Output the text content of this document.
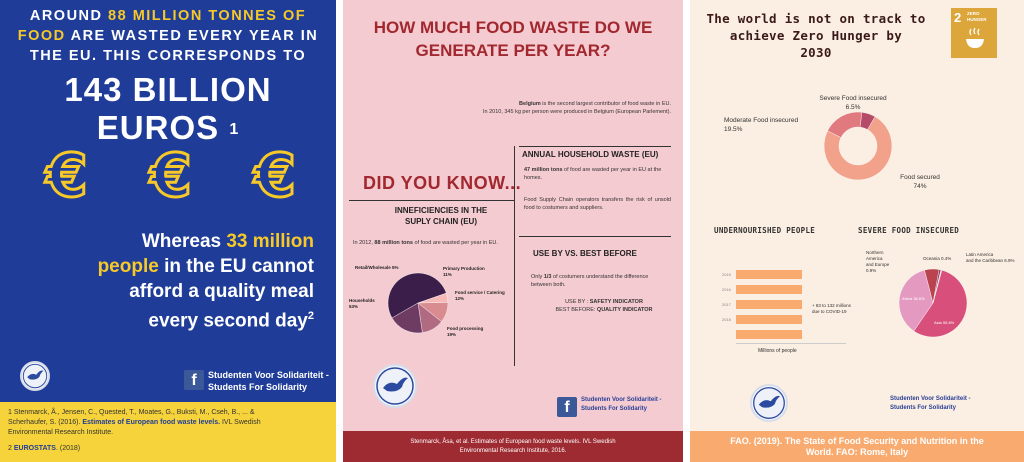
AROUND 88 MILLION TONNES OF
FOOD ARE WASTED EVERY YEAR IN
THE EU. THIS CORRESPONDS TO
143 BILLION
EUROS $^1$
€ € €
Whereas 33 million
people in the EU cannot
afford a quality meal
every second day$^2$
f	Studenten Voor Solidariteit -
Students For Solidarity
1 Stenmarck, Å., Jensen, C., Quested, T., Moates, G., Buksti, M., Cseh, B., ... &
Scherhaufer, S. (2016). Estimates of European food waste levels. IVL Swedish
Environmental Research Institute.
2 EUROSTATS. (2018)
HOW MUCH FOOD WASTE DO WE
GENERATE PER YEAR?
Belgium is the second largest contributor of food waste in EU.
In 2010, 345 kg per person were produced in Belgium (European Parlement).
ANNUAL HOUSEHOLD WASTE (EU)
47 million tons of food are wasted per year in EU at the homes.
Food Supply Chain operators transfers the risk of unsold food to costumers and suppliers.
DID YOU KNOW...
INNEFICIENCIES IN THE
SUPLY CHAIN (EU)
In 2012, 88 million tons of food are wasted per year in EU.
Retail/Wholesale 5%	Primary Production
11%
Food service / Catering
12%
Households
53%
Food processing
19%
USE BY VS. BEST BEFORE
Only 1/3 of costumers understand the difference between both.
USE BY : SAFETY INDICATOR
BEST BEFORE: QUALITY INDICATOR
f	Studenten Voor Solidariteit -
Students For Solidarity
Stenmarck, Åsa, et al. Estimates of European food waste levels. IVL Swedish
Environmental Research Institute, 2016.
The world is not on track to
achieve Zero Hunger by
2030
2 ZERO
HUNGER
Severe Food insecured
6.5%
Moderate Food insecured
19.5%
Food secured
74%
UNDERNOURISHED PEOPLE	SEVERE FOOD INSECURED
2015
2016
2017
2018
+ 83 to 132 millions
due to COVID-19
Millions of people
Northern
America
and Europe
0.9%
Oceania 0.4%
Latin America
and the Caribbean 6.9%
Africa 36.6%
Asia 55.6%
Studenten Voor Solidariteit -
Students For Solidarity
FAO. (2019). The State of Food Security and Nutrition in the
World. FAO: Rome, Italy
